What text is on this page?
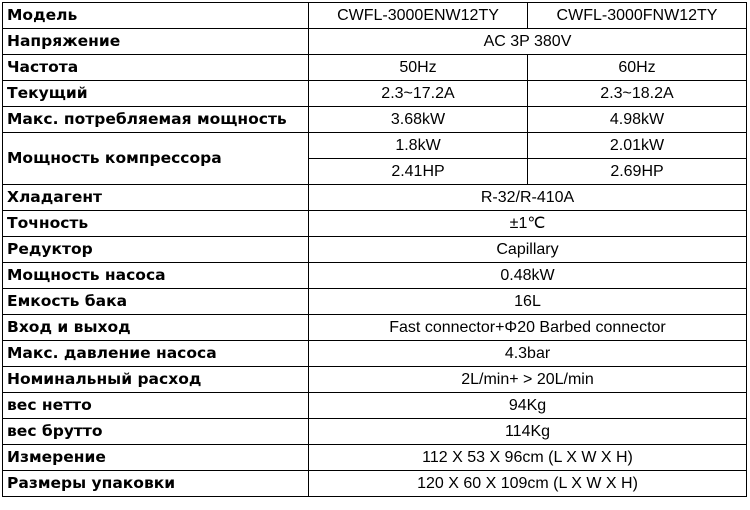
Модель	CWFL-3000ENW12TY	CWFL-3000FNW12TY
Напряжение	AC 3P 380V	
Частота	50Hz	60Hz
Текущий	2.3~17.2A	2.3~18.2A
Макс. потребляемая мощность	3.68kW	4.98kW
Мощность компрессора	1.8kW	2.01kW
	2.41HP	2.69HP
Хладагент	R-32/R-410A	
Точность	±1℃	
Редуктор	Capillary	
Мощность насоса	0.48kW	
Емкость бака	16L	
Вход и выход	Fast connector+Φ20 Barbed connector	
Макс. давление насоса	4.3bar	
Номинальный расход	2L/min+ > 20L/min	
вес нетто	94Kg	
вес брутто	114Kg	
Измерение	112 X 53 X 96cm (L X W X H)	
Размеры упаковки	120 X 60 X 109cm (L X W X H)	
